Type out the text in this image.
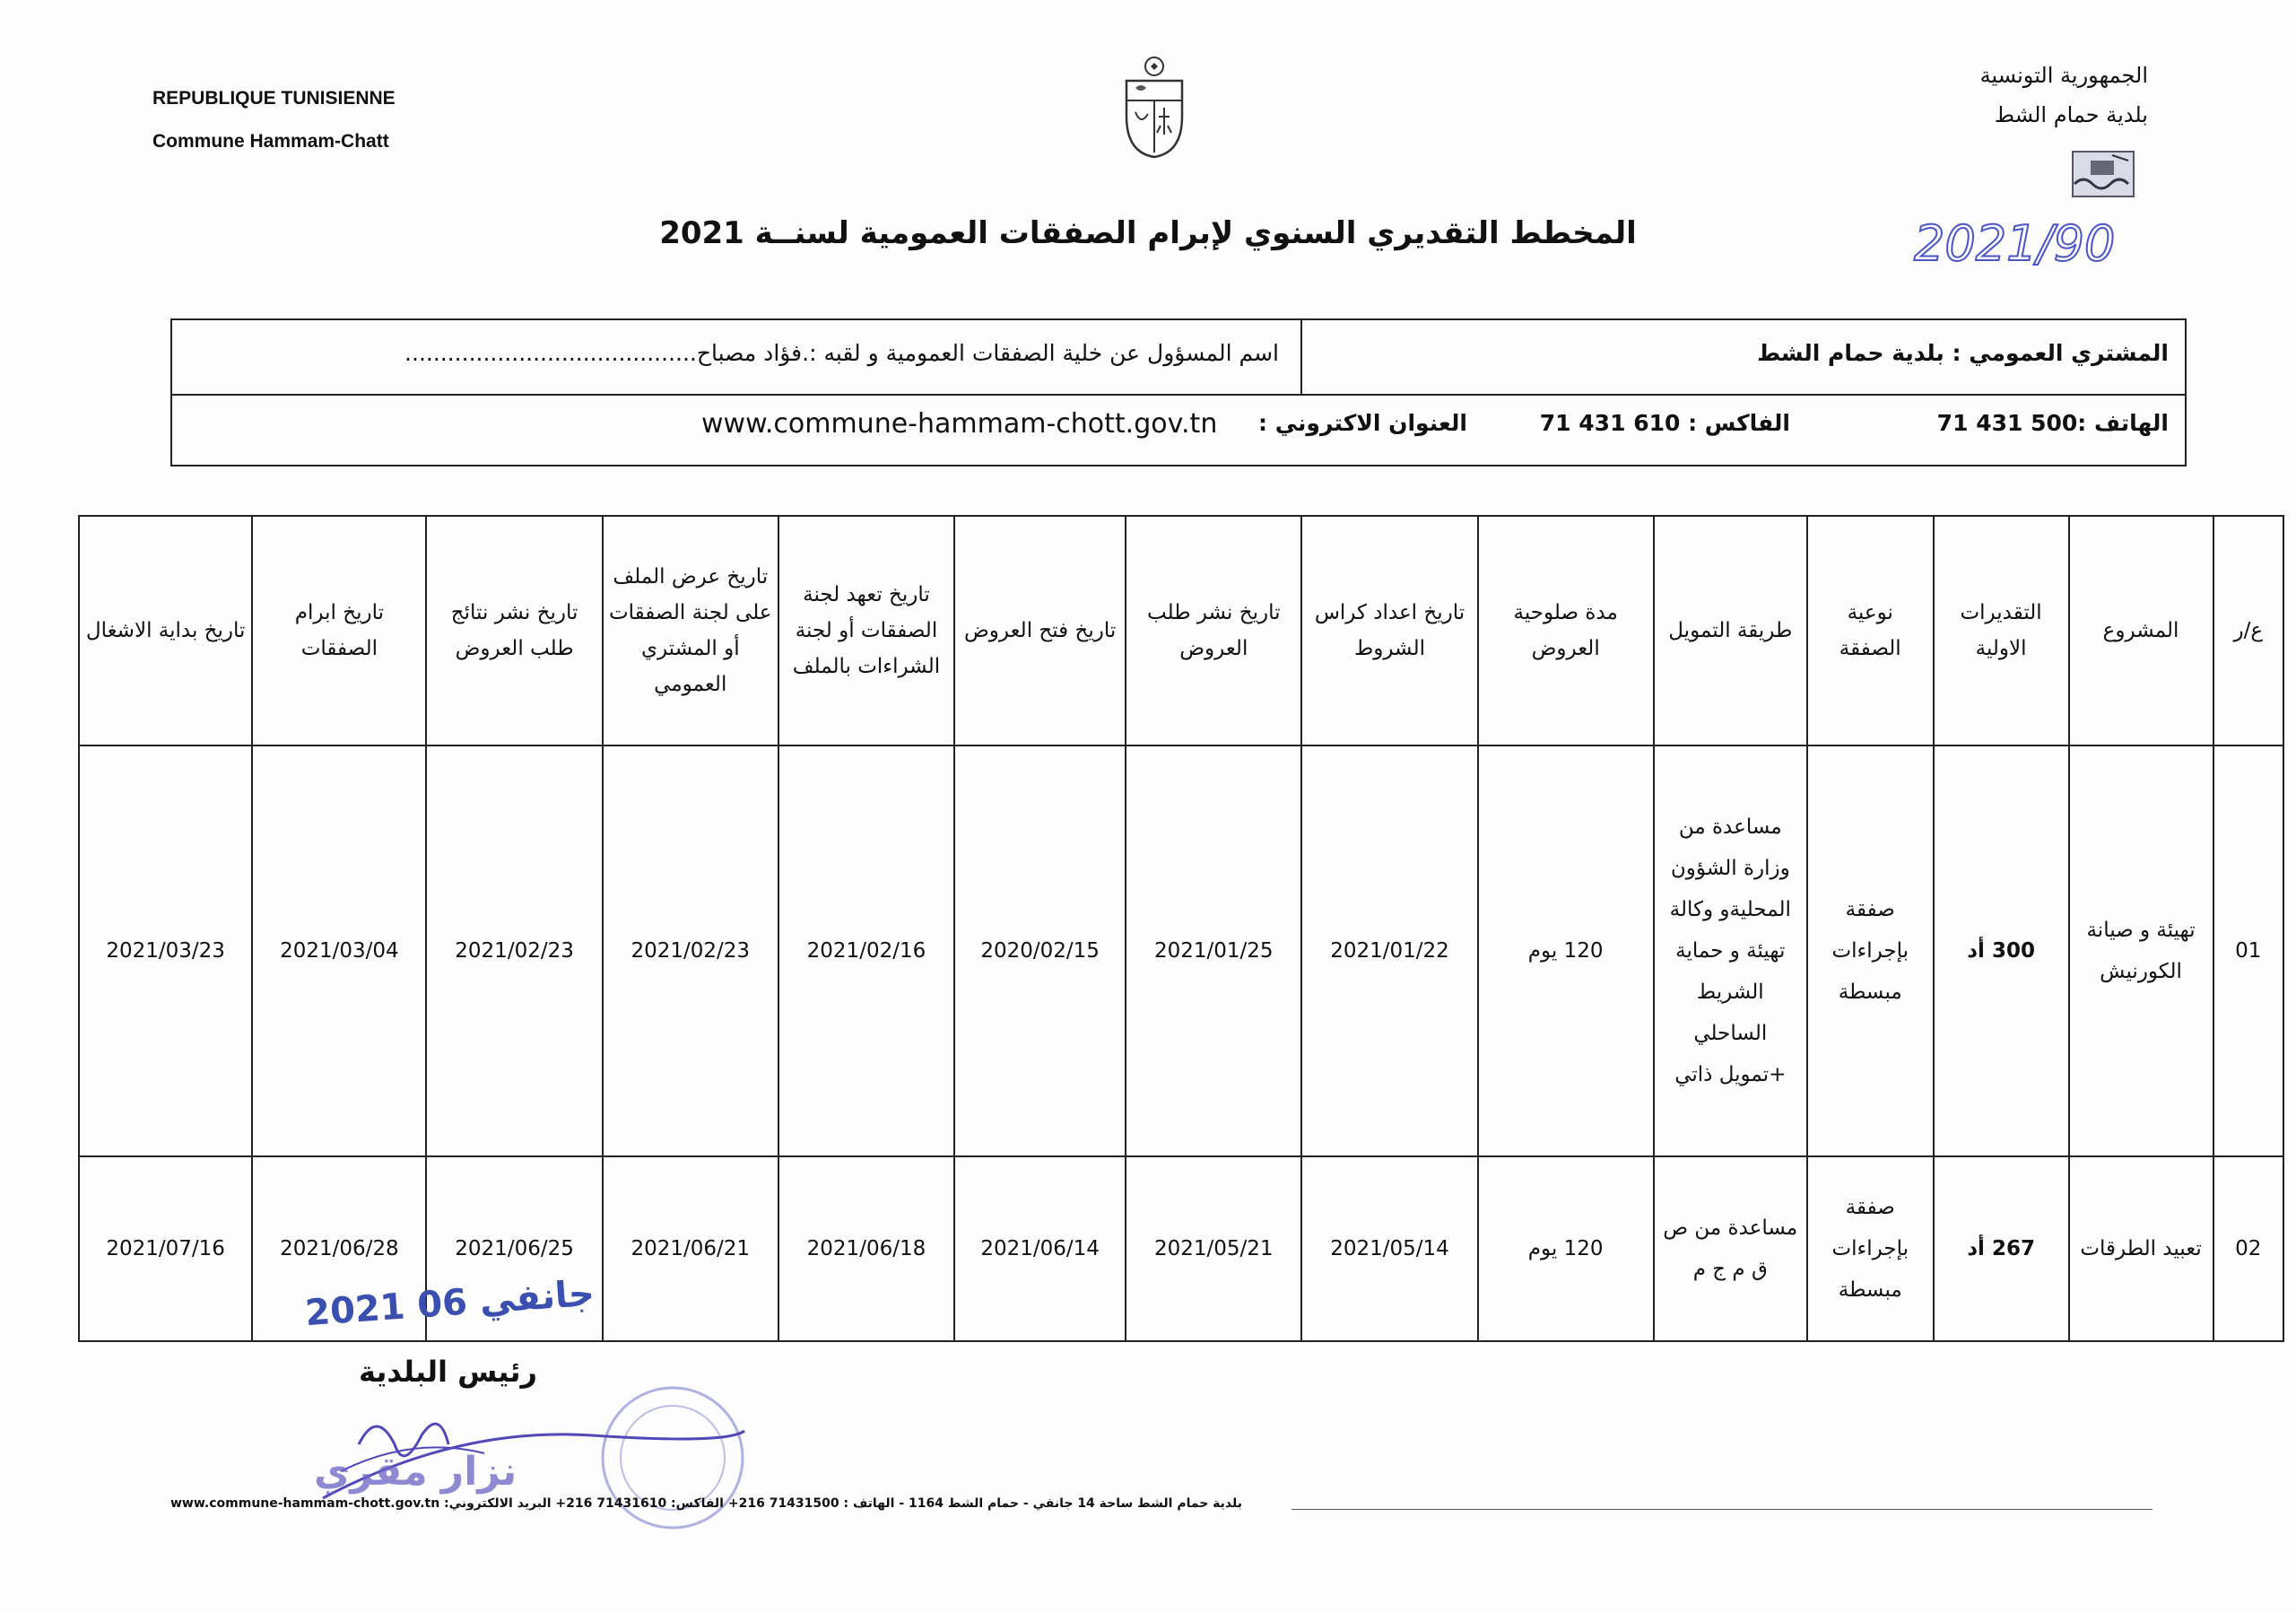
REPUBLIQUE TUNISIENNE
Commune Hammam-Chatt
الجمهورية التونسية
بلدية حمام الشط
2021/90
المخطط التقديري السنوي لإبرام الصفقات العمومية لسنــة 2021
المشتري العمومي : بلدية حمام الشط
اسم المسؤول عن خلية الصفقات العمومية و لقبه :.فؤاد مصباح.........................................
الهاتف :500 431 71
الفاكس : 610 431 71
العنوان الاكتروني :
www.commune-hammam-chott.gov.tn
ع/ر	المشروع	التقديرات الاولية	نوعية الصفقة	طريقة التمويل	مدة صلوحية العروض	تاريخ اعداد كراس الشروط	تاريخ نشر طلب العروض	تاريخ فتح العروض	تاريخ تعهد لجنة الصفقات أو لجنة الشراءات بالملف	تاريخ عرض الملف على لجنة الصفقات أو المشتري العمومي	تاريخ نشر نتائج طلب العروض	تاريخ ابرام الصفقات	تاريخ بداية الاشغال
01	تهيئة و صيانة الكورنيش	300 أد	صفقة بإجراءات مبسطة	مساعدة من وزارة الشؤون المحليةو وكالة تهيئة و حماية الشريط الساحلي +تمويل ذاتي	120 يوم	2021/01/22	2021/01/25	2020/02/15	2021/02/16	2021/02/23	2021/02/23	2021/03/04	2021/03/23
02	تعبيد الطرقات	267 أد	صفقة بإجراءات مبسطة	مساعدة من ص ق م ج م	120 يوم	2021/05/14	2021/05/21	2021/06/14	2021/06/18	2021/06/21	2021/06/25	2021/06/28	2021/07/16
2021 جانفي 06
رئيس البلدية
نزار مقري
بلدية حمام الشط ساحة 14 جانفي - حمام الشط 1164 - الهاتف : 71431500 216+ الفاكس: 71431610 216+ البريد الالكتروني: www.commune-hammam-chott.gov.tn
